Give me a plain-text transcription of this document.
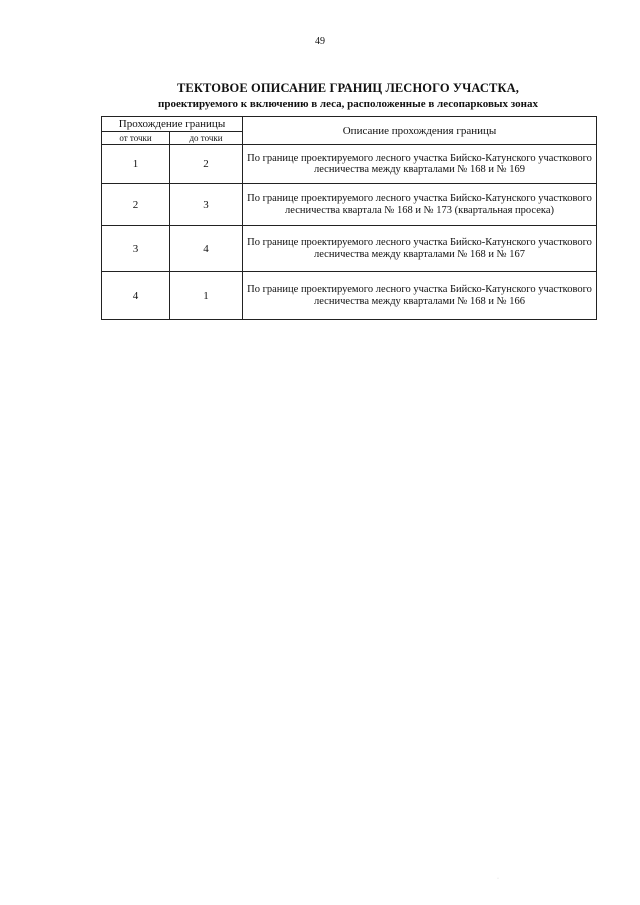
49
ТЕКТОВОЕ ОПИСАНИЕ ГРАНИЦ ЛЕСНОГО УЧАСТКА,
проектируемого к включению в леса, расположенные в лесопарковых зонах
Прохождение границы		Описание прохождения границы
от точки	до точки	
1	2	По границе проектируемого лесного участка Бийско-Катунского участкового лесничества между кварталами № 168 и № 169
2	3	По границе проектируемого лесного участка Бийско-Катунского участкового лесничества квартала № 168 и № 173 (квартальная просека)
3	4	По границе проектируемого лесного участка Бийско-Катунского участкового лесничества между кварталами № 168 и № 167
4	1	По границе проектируемого лесного участка Бийско-Катунского участкового лесничества между кварталами № 168 и № 166
·
